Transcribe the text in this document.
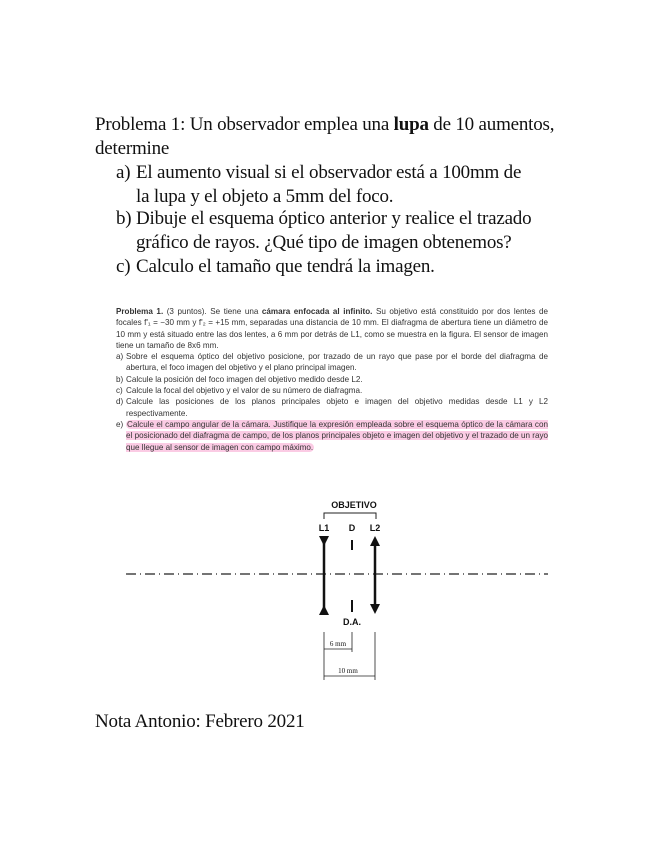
Problema 1: Un observador emplea una lupa de 10 aumentos, determine
a) El aumento visual si el observador está a 100mm de
la lupa y el objeto a 5mm del foco.
b) Dibuje el esquema óptico anterior y realice el trazado
gráfico de rayos. ¿Qué tipo de imagen obtenemos?
c) Calculo el tamaño que tendrá la imagen.

Problema 1. (3 puntos). Se tiene una cámara enfocada al infinito. Su objetivo está constituido por dos lentes de focales f'₁ = −30 mm y f'₂ = +15 mm, separadas una distancia de 10 mm. El diafragma de abertura tiene un diámetro de 10 mm y está situado entre las dos lentes, a 6 mm por detrás de L1, como se muestra en la figura. El sensor de imagen tiene un tamaño de 8x6 mm.

a) Sobre el esquema óptico del objetivo posicione, por trazado de un rayo que pase por el borde del diafragma de abertura, el foco imagen del objetivo y el plano principal imagen.

b) Calcule la posición del foco imagen del objetivo medido desde L2.

c) Calcule la focal del objetivo y el valor de su número de diafragma.

d) Calcule las posiciones de los planos principales objeto e imagen del objetivo medidas desde L1 y L2 respectivamente.

e) Calcule el campo angular de la cámara. Justifique la expresión empleada sobre el esquema óptico de la cámara con el posicionado del diafragma de campo, de los planos principales objeto e imagen del objetivo y el trazado de un rayo que llegue al sensor de imagen con campo máximo.

OBJETIVO
L1 D L2
D.A.
6 mm
10 mm
Nota Antonio: Febrero 2021
